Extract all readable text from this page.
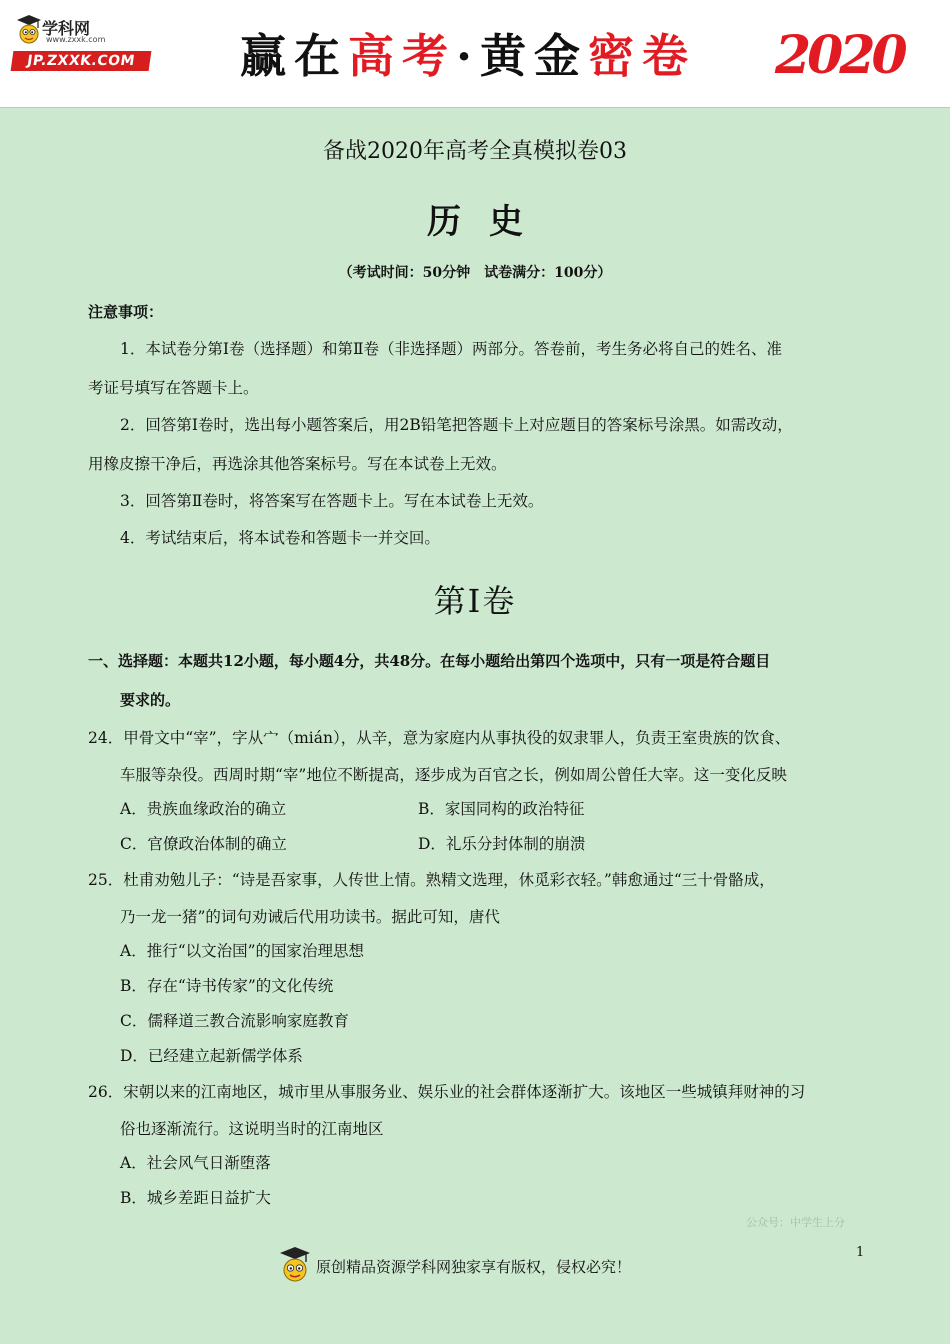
学科网
www.zxxk.com
JP.ZXXK.COM	赢在高考·黄金密卷 2020
备战2020年高考全真模拟卷03
历史
（考试时间：50分钟　试卷满分：100分）
注意事项：
1．本试卷分第Ⅰ卷（选择题）和第Ⅱ卷（非选择题）两部分。答卷前，考生务必将自己的姓名、准
考证号填写在答题卡上。
2．回答第Ⅰ卷时，选出每小题答案后，用2B铅笔把答题卡上对应题目的答案标号涂黑。如需改动，
用橡皮擦干净后，再选涂其他答案标号。写在本试卷上无效。
3．回答第Ⅱ卷时，将答案写在答题卡上。写在本试卷上无效。
4．考试结束后，将本试卷和答题卡一并交回。
第Ⅰ卷
一、选择题：本题共12小题，每小题4分，共48分。在每小题给出第四个选项中，只有一项是符合题目
要求的。
24．甲骨文中“宰”，字从宀（mián），从辛，意为家庭内从事执役的奴隶罪人，负责王室贵族的饮食、
车服等杂役。西周时期“宰”地位不断提高，逐步成为百官之长，例如周公曾任大宰。这一变化反映
A．贵族血缘政治的确立	B．家国同构的政治特征
C．官僚政治体制的确立	D．礼乐分封体制的崩溃
25．杜甫劝勉儿子：“诗是吾家事，人传世上情。熟精文选理，休觅彩衣轻。”韩愈通过“三十骨骼成，
乃一龙一猪”的词句劝诫后代用功读书。据此可知，唐代
A．推行“以文治国”的国家治理思想
B．存在“诗书传家”的文化传统
C．儒释道三教合流影响家庭教育
D．已经建立起新儒学体系
26．宋朝以来的江南地区，城市里从事服务业、娱乐业的社会群体逐渐扩大。该地区一些城镇拜财神的习
俗也逐渐流行。这说明当时的江南地区
A．社会风气日渐堕落
B．城乡差距日益扩大
公众号：中学生上分
1
原创精品资源学科网独家享有版权，侵权必究！
